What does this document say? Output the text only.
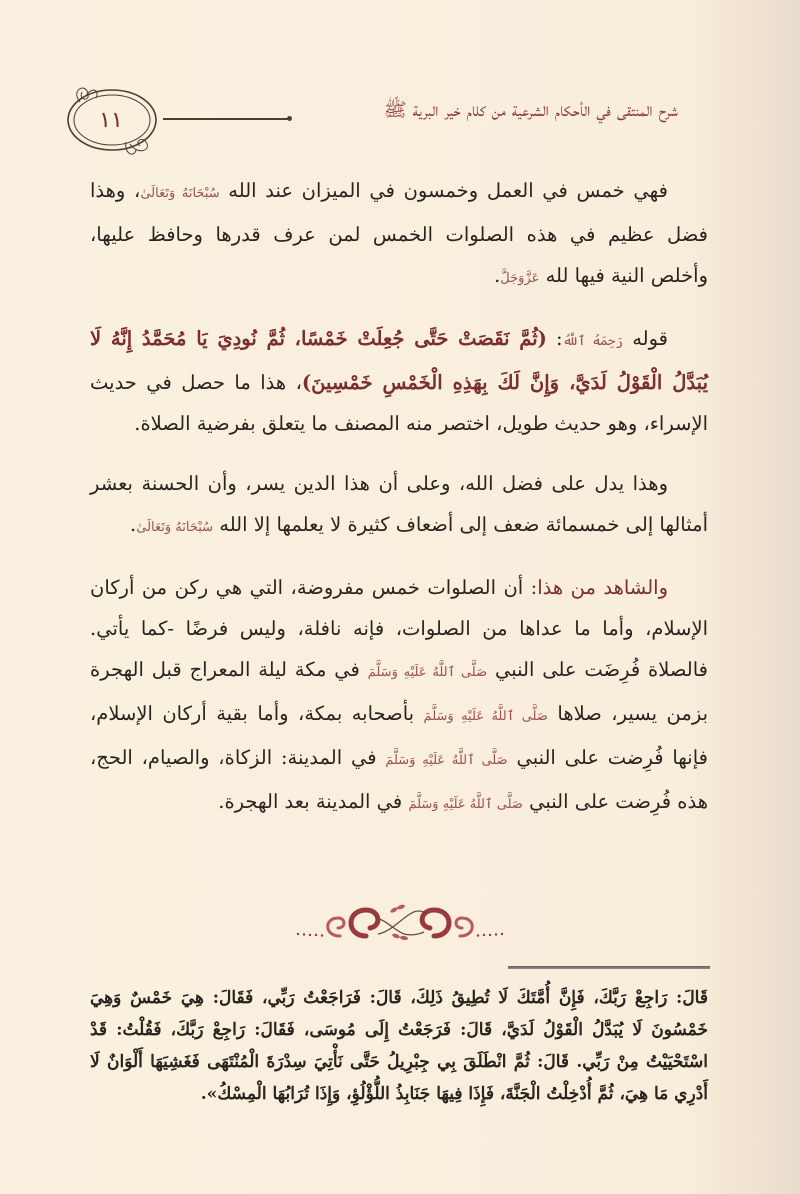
١١	شرح المنتقى في الأحكام الشرعية من كلام خير البرية ﷺ

فهي خمس في العمل وخمسون في الميزان عند الله سُبْحَانَهُ وَتَعَالَىٰ، وهذا فضل عظيم في هذه الصلوات الخمس لمن عرف قدرها وحافظ عليها، وأخلص النية فيها لله عَزَّوَجَلَّ.

قوله رَحِمَهُ ٱللَّهُ: (ثُمَّ نَقَصَتْ حَتَّى جُعِلَتْ خَمْسًا، ثُمَّ نُودِيَ يَا مُحَمَّدُ إِنَّهُ لَا يُبَدَّلُ الْقَوْلُ لَدَيَّ، وَإِنَّ لَكَ بِهَذِهِ الْخَمْسِ خَمْسِينَ)، هذا ما حصل في حديث الإسراء، وهو حديث طويل، اختصر منه المصنف ما يتعلق بفرضية الصلاة.

وهذا يدل على فضل الله، وعلى أن هذا الدين يسر، وأن الحسنة بعشر أمثالها إلى خمسمائة ضعف إلى أضعاف كثيرة لا يعلمها إلا الله سُبْحَانَهُ وَتَعَالَىٰ.

والشاهد من هذا: أن الصلوات خمس مفروضة، التي هي ركن من أركان الإسلام، وأما ما عداها من الصلوات، فإنه نافلة، وليس فرضًا -كما يأتي. فالصلاة فُرِضَت على النبي صَلَّى ٱللَّهُ عَلَيْهِ وَسَلَّمَ في مكة ليلة المعراج قبل الهجرة بزمن يسير، صلاها صَلَّى ٱللَّهُ عَلَيْهِ وَسَلَّمَ بأصحابه بمكة، وأما بقية أركان الإسلام، فإنها فُرِضت على النبي صَلَّى ٱللَّهُ عَلَيْهِ وَسَلَّمَ في المدينة: الزكاة، والصيام، الحج، هذه فُرِضت على النبي صَلَّى ٱللَّهُ عَلَيْهِ وَسَلَّمَ في المدينة بعد الهجرة.

قَالَ: رَاجِعْ رَبَّكَ، فَإِنَّ أُمَّتَكَ لَا تُطِيقُ ذَلِكَ، قَالَ: فَرَاجَعْتُ رَبِّي، فَقَالَ: هِيَ خَمْسٌ وَهِيَ خَمْسُونَ لَا يُبَدَّلُ الْقَوْلُ لَدَيَّ، قَالَ: فَرَجَعْتُ إِلَى مُوسَى، فَقَالَ: رَاجِعْ رَبَّكَ، فَقُلْتُ: قَدْ اسْتَحْيَيْتُ مِنْ رَبِّي. قَالَ: ثُمَّ انْطَلَقَ بِي جِبْرِيلُ حَتَّى نَأْتِيَ سِدْرَةَ الْمُنْتَهَى فَغَشِيَهَا أَلْوَانٌ لَا أَدْرِي مَا هِيَ، ثُمَّ أُدْخِلْتُ الْجَنَّةَ، فَإِذَا فِيهَا جَنَابِذُ اللُّؤْلُؤِ، وَإِذَا تُرَابُهَا الْمِسْكُ».
